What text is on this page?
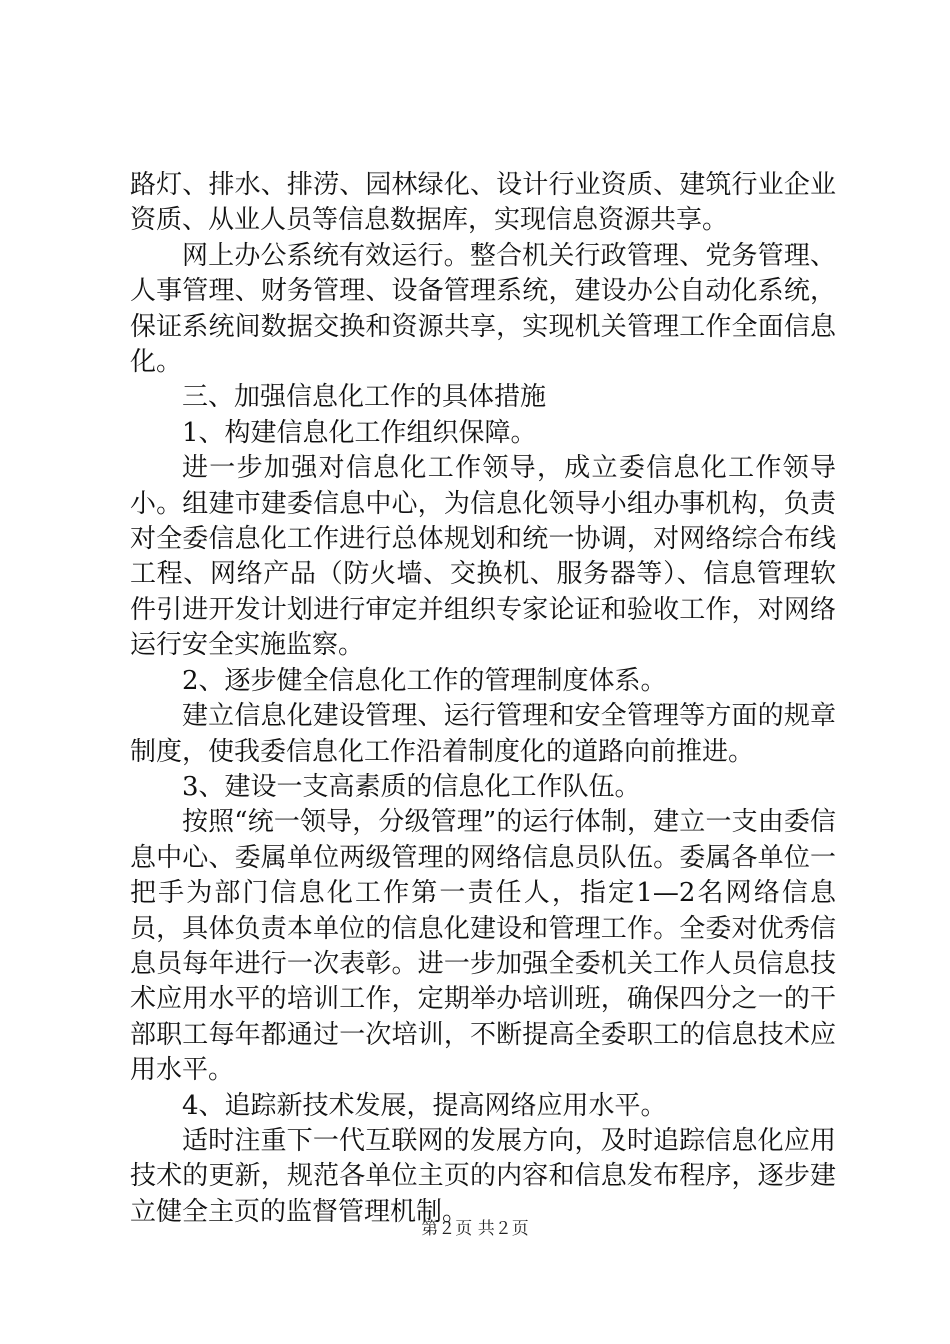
路灯、排水、排涝、园林绿化、设计行业资质、建筑行业企业资质、从业人员等信息数据库，实现信息资源共享。

网上办公系统有效运行。整合机关行政管理、党务管理、人事管理、财务管理、设备管理系统，建设办公自动化系统，保证系统间数据交换和资源共享，实现机关管理工作全面信息化。

三、加强信息化工作的具体措施

1、构建信息化工作组织保障。

进一步加强对信息化工作领导，成立委信息化工作领导小。组建市建委信息中心，为信息化领导小组办事机构，负责对全委信息化工作进行总体规划和统一协调，对网络综合布线工程、网络产品（防火墙、交换机、服务器等）、信息管理软件引进开发计划进行审定并组织专家论证和验收工作，对网络运行安全实施监察。

2、逐步健全信息化工作的管理制度体系。

建立信息化建设管理、运行管理和安全管理等方面的规章制度，使我委信息化工作沿着制度化的道路向前推进。

3、建设一支高素质的信息化工作队伍。

按照“统一领导，分级管理”的运行体制，建立一支由委信息中心、委属单位两级管理的网络信息员队伍。委属各单位一把手为部门信息化工作第一责任人，指定1—2名网络信息员，具体负责本单位的信息化建设和管理工作。全委对优秀信息员每年进行一次表彰。进一步加强全委机关工作人员信息技术应用水平的培训工作，定期举办培训班，确保四分之一的干部职工每年都通过一次培训，不断提高全委职工的信息技术应用水平。

4、追踪新技术发展，提高网络应用水平。

适时注重下一代互联网的发展方向，及时追踪信息化应用技术的更新，规范各单位主页的内容和信息发布程序，逐步建立健全主页的监督管理机制。

第２页 共２页
